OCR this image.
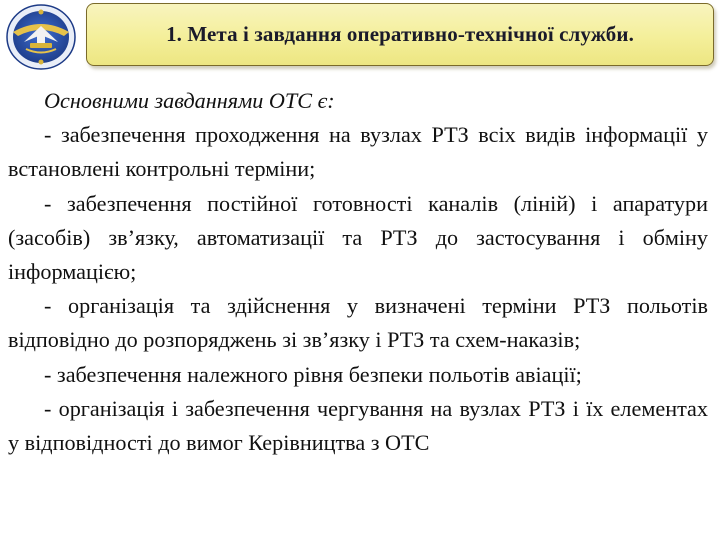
1. Мета і завдання оперативно-технічної служби.

Основними завданнями ОТС є:

- забезпечення проходження на вузлах РТЗ всіх видів інформації у встановлені контрольні терміни;

- забезпечення постійної готовності каналів (ліній) і апаратури (засобів) зв’язку, автоматизації та РТЗ до застосування і обміну інформацією;

- організація та здійснення у визначені терміни РТЗ польотів відповідно до розпоряджень зі зв’язку і РТЗ та схем-наказів;

- забезпечення належного рівня безпеки польотів авіації;

- організація і забезпечення чергування на вузлах РТЗ і їх елементах у відповідності до вимог Керівництва з ОТС
